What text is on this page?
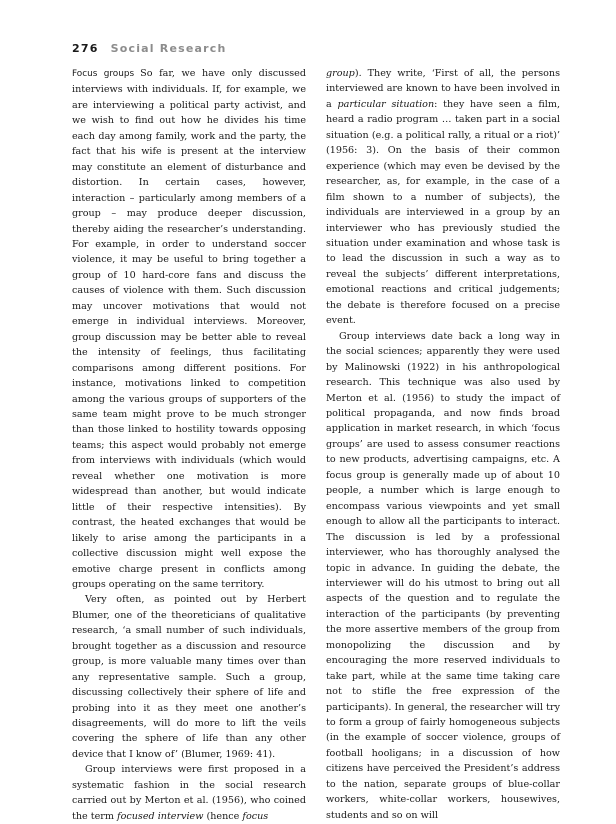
276 Social Research

Focus groups So far, we have only discussed interviews with individuals. If, for example, we are interviewing a political party activist, and we wish to find out how he divides his time each day among family, work and the party, the fact that his wife is present at the interview may constitute an element of disturbance and distortion. In certain cases, however, interaction – particularly among members of a group – may produce deeper discussion, thereby aiding the researcher’s understanding. For example, in order to understand soccer violence, it may be useful to bring together a group of 10 hard-core fans and discuss the causes of violence with them. Such discussion may uncover motivations that would not emerge in individual interviews. Moreover, group discussion may be better able to reveal the intensity of feelings, thus facilitating comparisons among different positions. For instance, motivations linked to competition among the various groups of supporters of the same team might prove to be much stronger than those linked to hostility towards opposing teams; this aspect would probably not emerge from interviews with individuals (which would reveal whether one motivation is more widespread than another, but would indicate little of their respective intensities). By contrast, the heated exchanges that would be likely to arise among the participants in a collective discussion might well expose the emotive charge present in conflicts among groups operating on the same territory.

Very often, as pointed out by Herbert Blumer, one of the theoreticians of qualitative research, ‘a small number of such individuals, brought together as a discussion and resource group, is more valuable many times over than any representative sample. Such a group, discussing collectively their sphere of life and probing into it as they meet one another’s disagreements, will do more to lift the veils covering the sphere of life than any other device that I know of’ (Blumer, 1969: 41).

Group interviews were first proposed in a systematic fashion in the social research carried out by Merton et al. (1956), who coined the term focused interview (hence focus

group). They write, ‘First of all, the persons interviewed are known to have been involved in a particular situation: they have seen a film, heard a radio program … taken part in a social situation (e.g. a political rally, a ritual or a riot)’ (1956: 3). On the basis of their common experience (which may even be devised by the researcher, as, for example, in the case of a film shown to a number of subjects), the individuals are interviewed in a group by an interviewer who has previously studied the situation under examination and whose task is to lead the discussion in such a way as to reveal the subjects’ different interpretations, emotional reactions and critical judgements; the debate is therefore focused on a precise event.

Group interviews date back a long way in the social sciences; apparently they were used by Malinowski (1922) in his anthropological research. This technique was also used by Merton et al. (1956) to study the impact of political propaganda, and now finds broad application in market research, in which ‘focus groups’ are used to assess consumer reactions to new products, advertising campaigns, etc. A focus group is generally made up of about 10 people, a number which is large enough to encompass various viewpoints and yet small enough to allow all the participants to interact. The discussion is led by a professional interviewer, who has thoroughly analysed the topic in advance. In guiding the debate, the interviewer will do his utmost to bring out all aspects of the question and to regulate the interaction of the participants (by preventing the more assertive members of the group from monopolizing the discussion and by encouraging the more reserved individuals to take part, while at the same time taking care not to stifle the free expression of the participants). In general, the researcher will try to form a group of fairly homogeneous subjects (in the example of soccer violence, groups of football hooligans; in a discussion of how citizens have perceived the President’s address to the nation, separate groups of blue-collar workers, white-collar workers, housewives, students and so on will
